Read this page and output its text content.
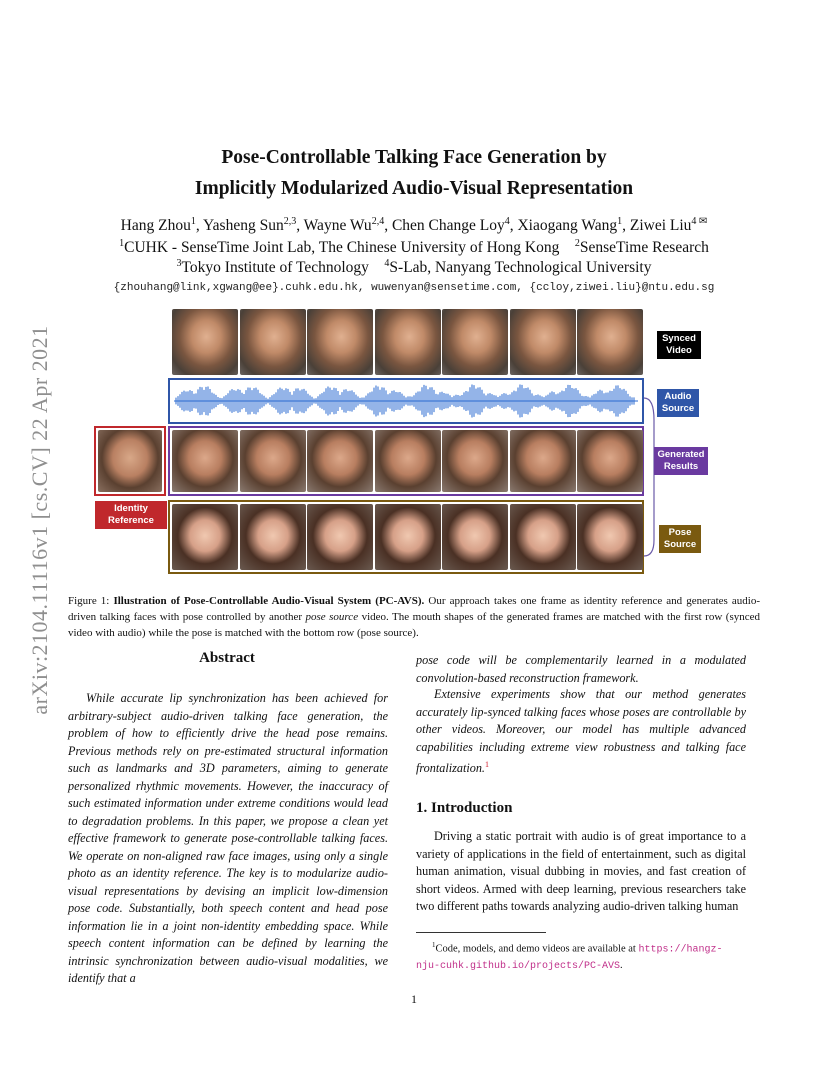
arXiv:2104.11116v1 [cs.CV] 22 Apr 2021
Pose-Controllable Talking Face Generation by
Implicitly Modularized Audio-Visual Representation
Hang Zhou$^1$, Yasheng Sun$^{2,3}$, Wayne Wu$^{2,4}$, Chen Change Loy$^4$, Xiaogang Wang$^1$, Ziwei Liu$^{4 ✉}$
$^1$CUHK - SenseTime Joint Lab, The Chinese University of Hong Kong $^2$SenseTime Research
$^3$Tokyo Institute of Technology $^4$S-Lab, Nanyang Technological University
{zhouhang@link,xgwang@ee}.cuhk.edu.hk, wuwenyan@sensetime.com, {ccloy,ziwei.liu}@ntu.edu.sg
Synced Video
Audio Source
Generated Results
Pose Source
Identity Reference
Figure 1: Illustration of Pose-Controllable Audio-Visual System (PC-AVS). Our approach takes one frame as identity reference and generates audio-driven talking faces with pose controlled by another pose source video. The mouth shapes of the generated frames are matched with the first row (synced video with audio) while the pose is matched with the bottom row (pose source).
Abstract
While accurate lip synchronization has been achieved for arbitrary-subject audio-driven talking face generation, the problem of how to efficiently drive the head pose remains. Previous methods rely on pre-estimated structural information such as landmarks and 3D parameters, aiming to generate personalized rhythmic movements. However, the inaccuracy of such estimated information under extreme conditions would lead to degradation problems. In this paper, we propose a clean yet effective framework to generate pose-controllable talking faces. We operate on non-aligned raw face images, using only a single photo as an identity reference. The key is to modularize audio-visual representations by devising an implicit low-dimension pose code. Substantially, both speech content and head pose information lie in a joint non-identity embedding space. While speech content information can be defined by learning the intrinsic synchronization between audio-visual modalities, we identify that a
pose code will be complementarily learned in a modulated convolution-based reconstruction framework.
Extensive experiments show that our method generates accurately lip-synced talking faces whose poses are controllable by other videos. Moreover, our model has multiple advanced capabilities including extreme view robustness and talking face frontalization.$^1$
1. Introduction
Driving a static portrait with audio is of great importance to a variety of applications in the field of entertainment, such as digital human animation, visual dubbing in movies, and fast creation of short videos. Armed with deep learning, previous researchers take two different paths towards analyzing audio-driven talking human
$^1$Code, models, and demo videos are available at https://hangz-nju-cuhk.github.io/projects/PC-AVS.
1
